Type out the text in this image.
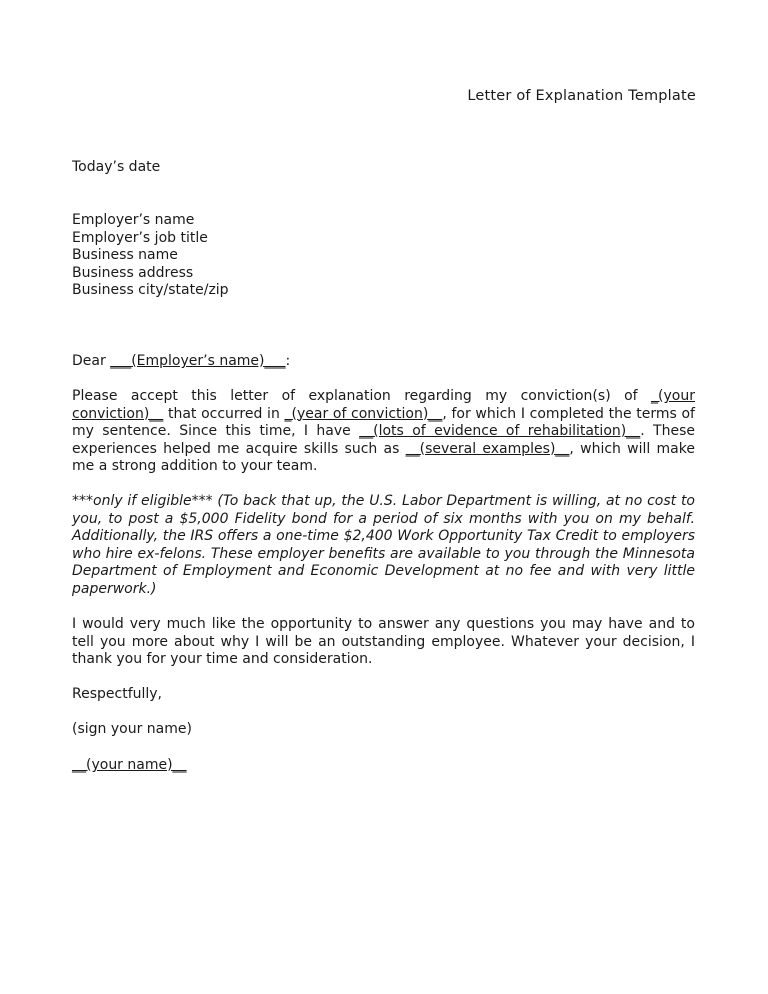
Letter of Explanation Template
Today’s date
Employer’s name
Employer’s job title
Business name
Business address
Business city/state/zip
Dear ___(Employer’s name)___:
Please accept this letter of explanation regarding my conviction(s) of _(your conviction)__ that occurred in _(year of conviction)__, for which I completed the terms of my sentence. Since this time, I have __(lots of evidence of rehabilitation)__. These experiences helped me acquire skills such as __(several examples)__, which will make me a strong addition to your team.
***only if eligible*** (To back that up, the U.S. Labor Department is willing, at no cost to you, to post a $5,000 Fidelity bond for a period of six months with you on my behalf. Additionally, the IRS offers a one-time $2,400 Work Opportunity Tax Credit to employers who hire ex-felons. These employer benefits are available to you through the Minnesota Department of Employment and Economic Development at no fee and with very little paperwork.)
I would very much like the opportunity to answer any questions you may have and to tell you more about why I will be an outstanding employee. Whatever your decision, I thank you for your time and consideration.
Respectfully,
(sign your name)
__(your name)__
